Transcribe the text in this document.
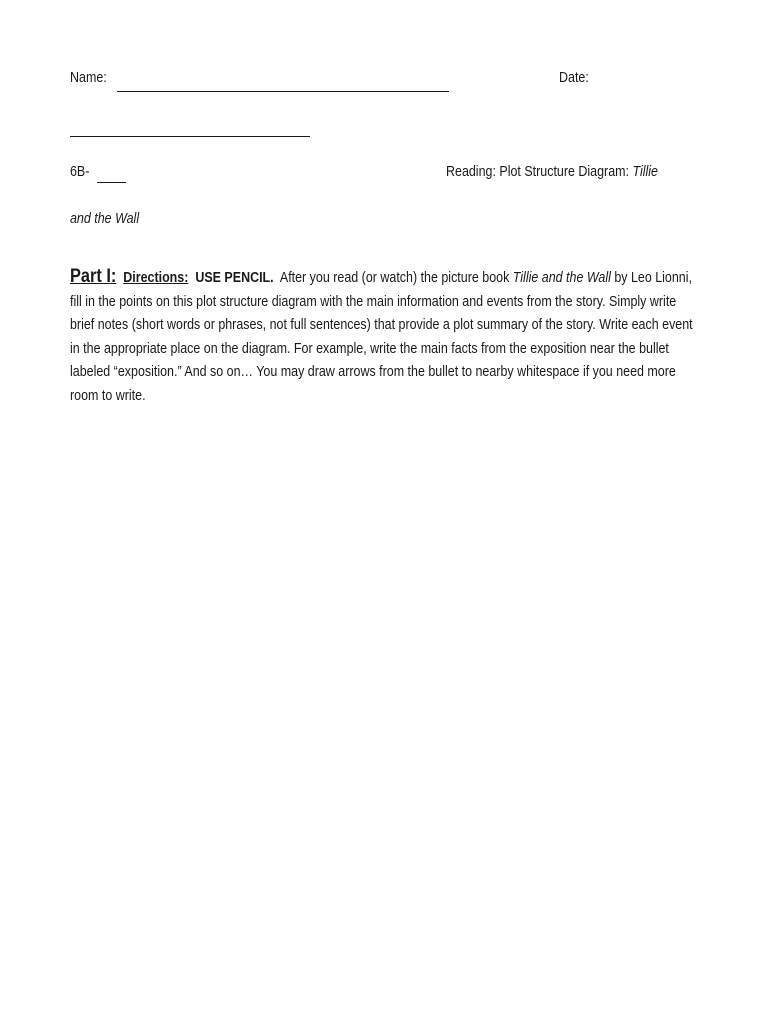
Name:	Date:
6B-	Reading: Plot Structure Diagram: Tillie
and the Wall
Part I: Directions: USE PENCIL. After you read (or watch) the picture book Tillie and the Wall by Leo Lionni, fill in the points on this plot structure diagram with the main information and events from the story. Simply write brief notes (short words or phrases, not full sentences) that provide a plot summary of the story. Write each event in the appropriate place on the diagram. For example, write the main facts from the exposition near the bullet labeled “exposition.” And so on… You may draw arrows from the bullet to nearby whitespace if you need more room to write.
